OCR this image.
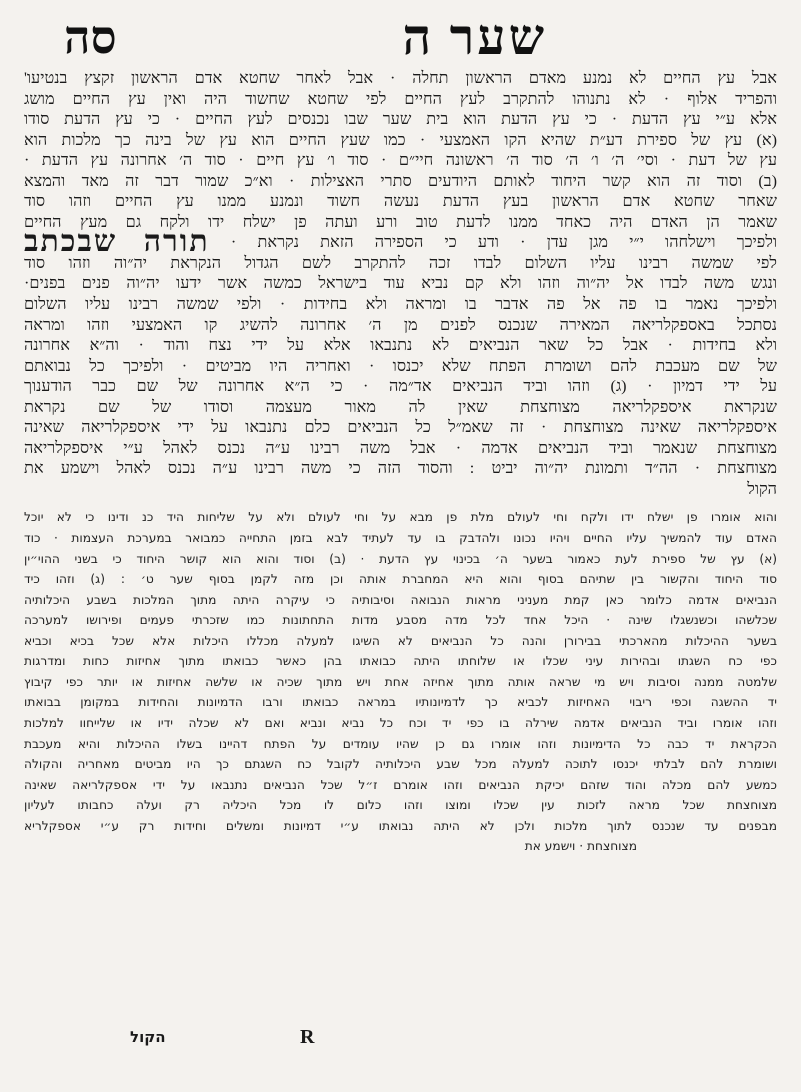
שער ה
סה
אבל עץ החיים לא נמנע מאדם הראשון תחלה · אבל לאחר שחטא אדם הראשון זקצץ בנטיעו'
והפריד אלוף · לא נתנוהו להתקרב לעץ החיים לפי שחטא שחשוד היה ואין עץ החיים מושג
אלא ע״י עץ הדעת · כי עץ הדעת הוא בית שער שבו נכנסים לעץ החיים · כי עץ הדעת סודו
(א) עץ של ספירת דע״ת שהיא הקו האמצעי · כמו שעץ החיים הוא עץ של בינה כך מלכות הוא
עץ של דעת · וסי׳ ה׳ ו׳ ה׳ סוד ה׳ ראשונה חיי״ם · סוד ו׳ עץ חיים · סוד ה׳ אחרונה עץ הדעת ·
(ב) וסוד זה הוא קשר היחוד לאותם היודעים סתרי האצילות · וא״כ שמור דבר זה מאד והמצא
שאחר שחטא אדם הראשון בעץ הדעת נעשה חשוד ונמנע ממנו עץ החיים וזהו סוד
שאמר הן האדם היה כאחד ממנו לדעת טוב ורע ועתה פן ישלח ידו ולקח גם מעץ החיים
ולפיכך וישלחהו י״י מגן עדן · ודע כי הספירה הזאת נקראת · תורה שבכתב
לפי שמשה רבינו עליו השלום לבדו זכה להתקרב לשם הגדול הנקראת יה״וה וזהו סוד
ונגש משה לבדו אל יה״וה וזהו ולא קם נביא עוד בישראל כמשה אשר ידעו יה״וה פנים בפנים·
ולפיכך נאמר בו פה אל פה אדבר בו ומראה ולא בחידות · ולפי שמשה רבינו עליו השלום
נסתכל באספקלריאה המאירה שנכנס לפנים מן ה׳ אחרונה להשיג קו האמצעי וזהו ומראה
ולא בחידות · אבל כל שאר הנביאים לא נתנבאו אלא על ידי נצח והוד · וה״א אחרונה
של שם מעכבת להם ושומרת הפתח שלא יכנסו · ואחריה היו מביטים · ולפיכך כל נבואתם
על ידי דמיון · (ג) וזהו וביד הנביאים אד״מה · כי ה״א אחרונה של שם כבר הודענוך
שנקראת איספקלריאה מצוחצחת שאין לה מאור מעצמה וסודו של שם נקראת
איספקלריאה שאינה מצוחצחת · זה שאמ״ל כל הנביאים כלם נתנבאו על ידי איספקלריאה שאינה
מצוחצחת שנאמר וביד הנביאים אדמה · אבל משה רבינו ע״ה נכנס לאהל ע״י איספקלריאה
מצוחצחת · הה״ד ותמונת יה״וה יביט : והסוד הזה כי משה רבינו ע״ה נכנס לאהל וישמע את
הקול
והוא אומרו פן ישלח ידו ולקח וחי לעולם מלת פן מבא על וחי לעולם ולא על שליחות היד כנ ודינו כי לא יוכל
האדם עוד להמשיך עליו החיים ויהיו נכונו ולהדבק בו עד לעתיד לבא בזמן התחייה כמבואר במערכת העצמות · כוד
(א) עץ של ספירת לעת כאמור בשער ה׳ בכינוי עץ הדעת · (ב) וסוד והוא הוא קושר היחוד כי בשני ההוי״ין
סוד היחוד והקשור בין שתיהם בסוף והוא היא המחברת אותה וכן מזה לקמן בסוף שער ט׳ : (ג) וזהו כיד
הנביאים אדמה כלומר כאן קמת מעניני מראות הנבואה וסיבותיה כי עיקרה היתה מתוך המלכות בשבע היכלותיה
שכלשהו וכשנשגלו שינה · היכל אחד לכל מדה מסבע מדות התחתונות כמו שזכרתי פעמים ופירושו למערכה
בשער ההיכלות מהארכתי בבירורן והנה כל הנביאים לא השיגו למעלה מכללו היכלות אלא שכל בכיא וכביא
כפי כח השגתו ובהירות עיני שכלו או שלוחתו היתה כבואתו בהן כאשר כבואתו מתוך אחיזות כחות ומדרגות
שלמטה ממנה וסיבות ויש מי שראה אותה מתוך אחיזה אחת ויש מתוך שכיה או שלשה אחיזות או יותר כפי קיבוץ
יד ההשגה וכפי ריבוי האחיזות לכביא כך לדמיונותיו במראה כבואתו ורבו הדמיונות והחידות במקומן בבואתו
וזהו אומרו וביד הנביאים אדמה שירלה בו כפי יד וכח כל נביא ונביא ואם לא שכלה ידיו או שלייחוו למלכות
הכקראת יד כבה כל הדימיונות וזהו אומרו גם כן שהיו עומדים על הפתח דהיינו בשלו ההיכלות והיא מעכבת
ושומרת להם לבלתי יכנסו לתוכה למעלה מכל שבע היכלותיה לקובל כח השגתם כך היו מביטים מאחריה והקולה
כמשע להם מכלה והוד שזהם יכיקת הנביאים וזהו אומרם ז״ל שכל הנביאים נתנבאו על ידי אספקלריאה שאינה
מצוחצחת שכל מראה לזכות עין שכלו ומוצו וזהו כלום לו מכל היכליה רק ועלה כחבותו לעליון
מבפנים עד שנכנס לתוך מלכות ולכן לא היתה נבואתו ע״י דמיונות ומשלים וחידות רק ע״י אספקלריא
מצוחצחת · וישמע את
הקול	R
